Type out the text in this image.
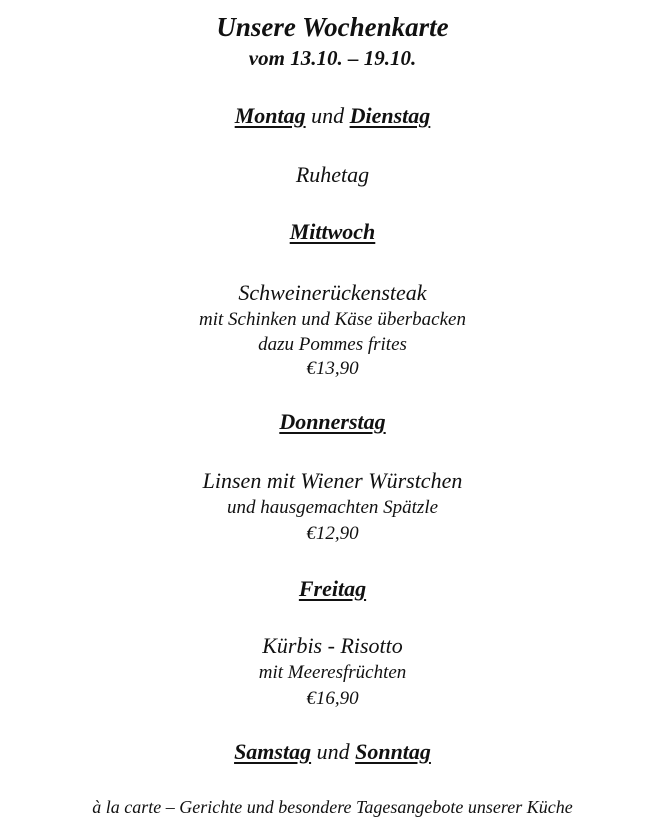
Unsere Wochenkarte
vom 13.10. – 19.10.
Montag und Dienstag
Ruhetag
Mittwoch
Schweinerückensteak
mit Schinken und Käse überbacken
dazu Pommes frites
€13,90
Donnerstag
Linsen mit Wiener Würstchen
und hausgemachten Spätzle
€12,90
Freitag
Kürbis - Risotto
mit Meeresfrüchten
€16,90
Samstag und Sonntag
à la carte – Gerichte und besondere Tagesangebote unserer Küche
